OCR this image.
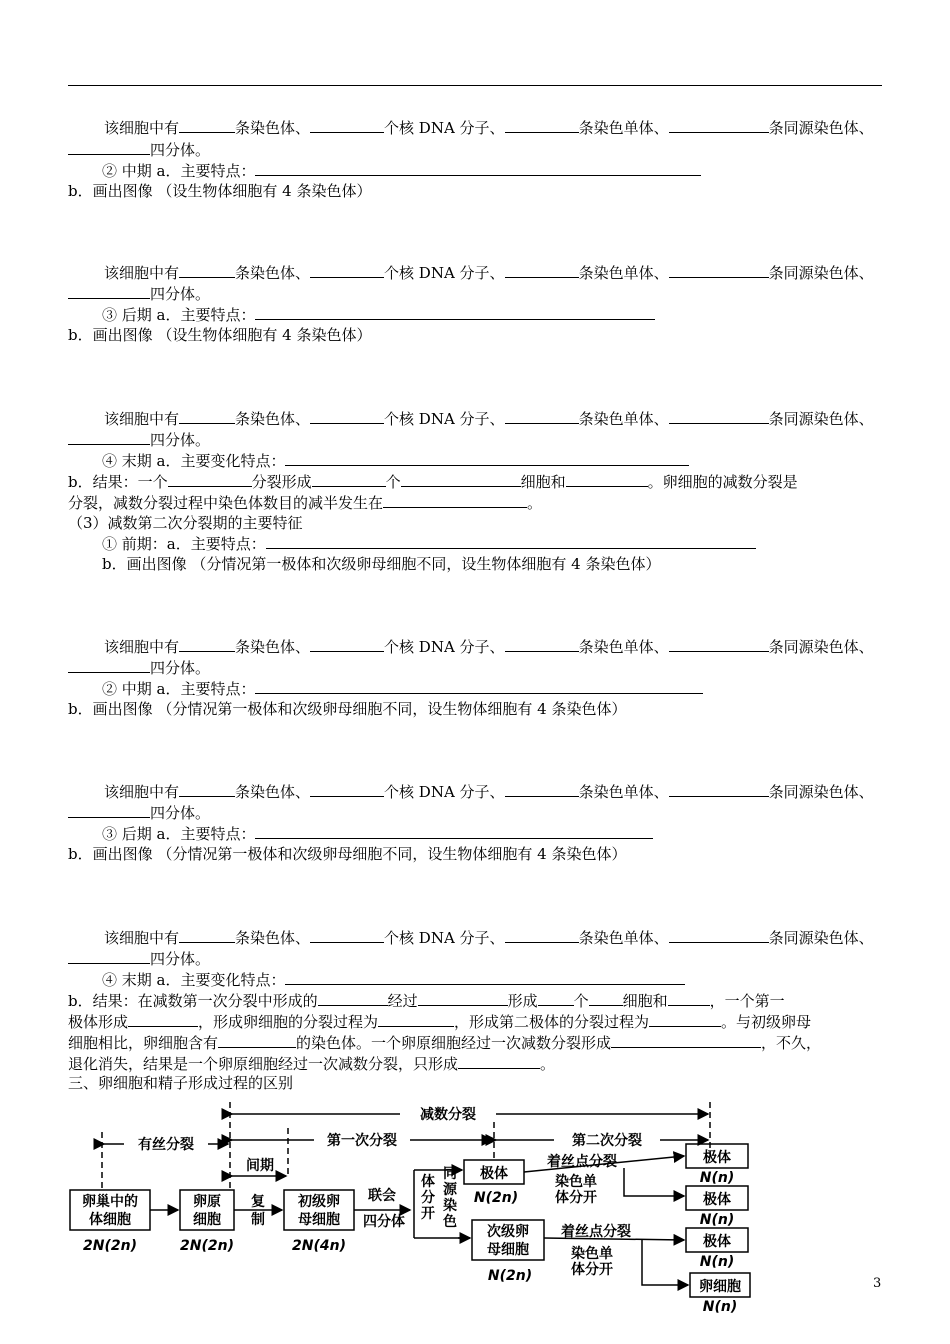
该细胞中有	条染色体、	个核 DNA 分子、	条染色单体、	条同源染色体、
四分体。
② 中期 a．主要特点：
b．画出图像 （设生物体细胞有 4 条染色体）
该细胞中有	条染色体、	个核 DNA 分子、	条染色单体、	条同源染色体、
四分体。
③ 后期 a．主要特点：
b．画出图像 （设生物体细胞有 4 条染色体）
该细胞中有	条染色体、	个核 DNA 分子、	条染色单体、	条同源染色体、
四分体。
④ 末期 a．主要变化特点：
b．结果：一个	分裂形成	个	细胞和	。卵细胞的减数分裂是
分裂，减数分裂过程中染色体数目的减半发生在	。
（3）减数第二次分裂期的主要特征
① 前期：a．主要特点：
b．画出图像 （分情况第一极体和次级卵母细胞不同，设生物体细胞有 4 条染色体）
该细胞中有	条染色体、	个核 DNA 分子、	条染色单体、	条同源染色体、
四分体。
② 中期 a．主要特点：
b．画出图像 （分情况第一极体和次级卵母细胞不同，设生物体细胞有 4 条染色体）
该细胞中有	条染色体、	个核 DNA 分子、	条染色单体、	条同源染色体、
四分体。
③ 后期 a．主要特点：
b．画出图像 （分情况第一极体和次级卵母细胞不同，设生物体细胞有 4 条染色体）
该细胞中有	条染色体、	个核 DNA 分子、	条染色单体、	条同源染色体、
四分体。
④ 末期 a．主要变化特点：
b．结果：在减数第一次分裂中形成的	经过	形成 个 细胞和	，一个第一
极体形成	，形成卵细胞的分裂过程为	，形成第二极体的分裂过程为	。与初级卵母
细胞相比，卵细胞含有	的染色体。一个卵原细胞经过一次减数分裂形成	，不久，
退化消失，结果是一个卵原细胞经过一次减数分裂，只形成	。
三、卵细胞和精子形成过程的区别
减数分裂
有丝分裂	第一次分裂	第二次分裂
间期
卵巢中的
体细胞
2N(2n)
卵原
细胞
2N(2n)
复
制
初级卵
母细胞
2N(4n)
联会
四分体
体
分
开
同
源
染
色
极体
N(2n)
着丝点分裂
染色单
体分开
极体
N(n)
极体
N(n)
次级卵
母细胞
N(2n)
着丝点分裂
染色单
体分开
极体
N(n)
卵细胞
N(n)
3
